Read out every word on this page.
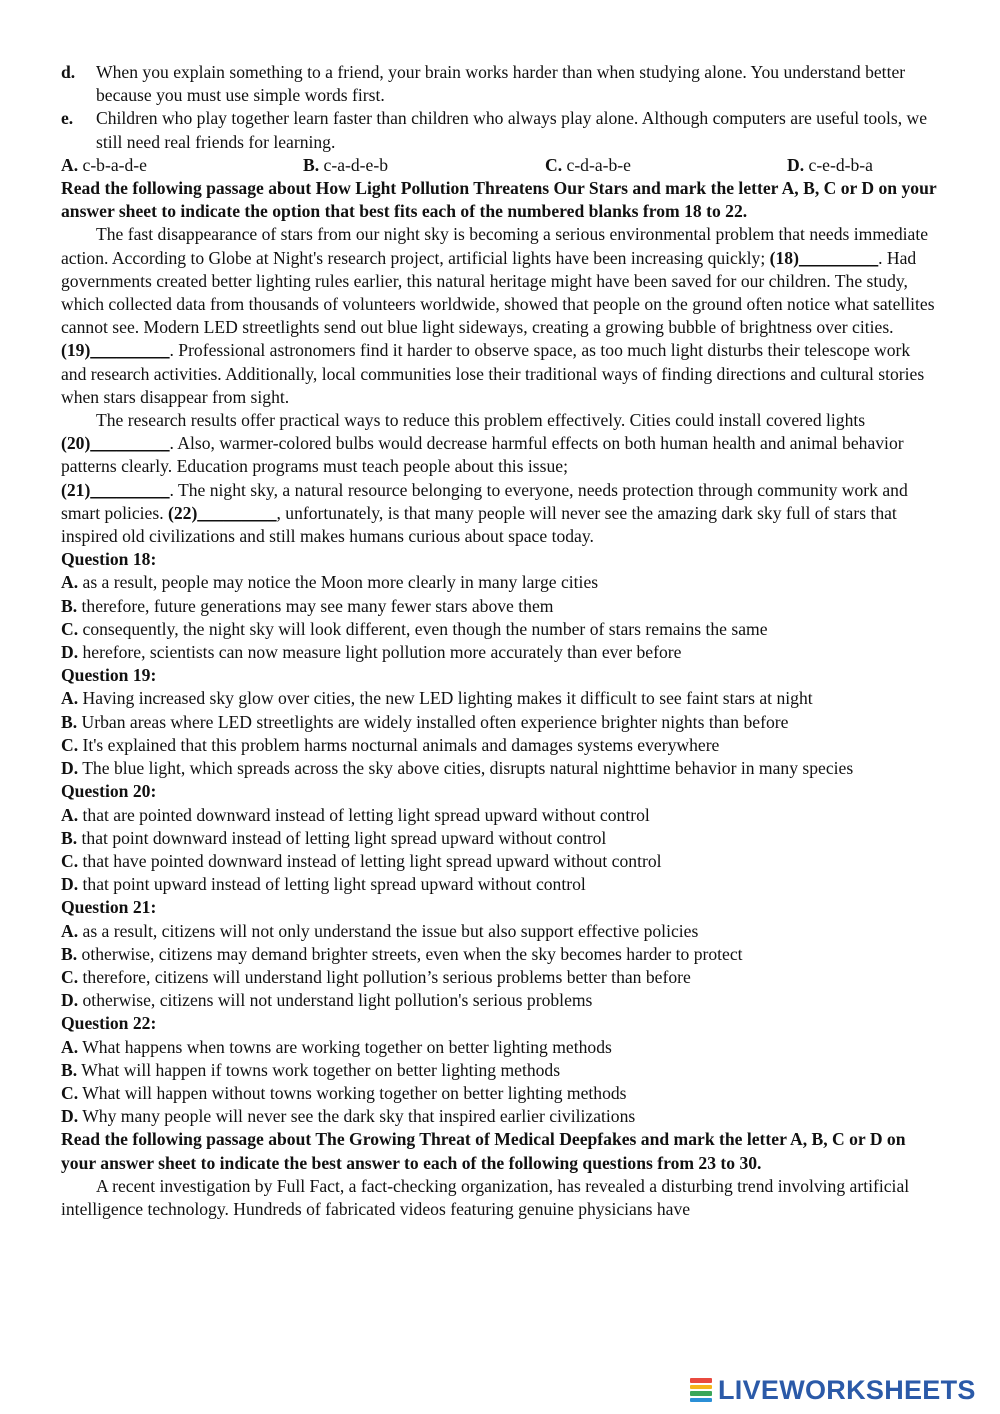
d.	When you explain something to a friend, your brain works harder than when studying alone. You understand better because you must use simple words first.
e.	Children who play together learn faster than children who always play alone. Although computers are useful tools, we still need real friends for learning.
A. c-b-a-d-e	B. c-a-d-e-b	C. c-d-a-b-e	D. c-e-d-b-a
Read the following passage about How Light Pollution Threatens Our Stars and mark the letter A, B, C or D on your answer sheet to indicate the option that best fits each of the numbered blanks from 18 to 22.
The fast disappearance of stars from our night sky is becoming a serious environmental problem that needs immediate action. According to Globe at Night's research project, artificial lights have been increasing quickly; (18)_________. Had governments created better lighting rules earlier, this natural heritage might have been saved for our children. The study, which collected data from thousands of volunteers worldwide, showed that people on the ground often notice what satellites cannot see. Modern LED streetlights send out blue light sideways, creating a growing bubble of brightness over cities. (19)_________. Professional astronomers find it harder to observe space, as too much light disturbs their telescope work and research activities. Additionally, local communities lose their traditional ways of finding directions and cultural stories when stars disappear from sight.
The research results offer practical ways to reduce this problem effectively. Cities could install covered lights (20)_________. Also, warmer-colored bulbs would decrease harmful effects on both human health and animal behavior patterns clearly. Education programs must teach people about this issue;
(21)_________. The night sky, a natural resource belonging to everyone, needs protection through community work and smart policies. (22)_________, unfortunately, is that many people will never see the amazing dark sky full of stars that inspired old civilizations and still makes humans curious about space today.
Question 18:
A. as a result, people may notice the Moon more clearly in many large cities
B. therefore, future generations may see many fewer stars above them
C. consequently, the night sky will look different, even though the number of stars remains the same
D. herefore, scientists can now measure light pollution more accurately than ever before
Question 19:
A. Having increased sky glow over cities, the new LED lighting makes it difficult to see faint stars at night
B. Urban areas where LED streetlights are widely installed often experience brighter nights than before
C. It's explained that this problem harms nocturnal animals and damages systems everywhere
D. The blue light, which spreads across the sky above cities, disrupts natural nighttime behavior in many species
Question 20:
A. that are pointed downward instead of letting light spread upward without control
B. that point downward instead of letting light spread upward without control
C. that have pointed downward instead of letting light spread upward without control
D. that point upward instead of letting light spread upward without control
Question 21:
A. as a result, citizens will not only understand the issue but also support effective policies
B. otherwise, citizens may demand brighter streets, even when the sky becomes harder to protect
C. therefore, citizens will understand light pollution’s serious problems better than before
D. otherwise, citizens will not understand light pollution's serious problems
Question 22:
A. What happens when towns are working together on better lighting methods
B. What will happen if towns work together on better lighting methods
C. What will happen without towns working together on better lighting methods
D. Why many people will never see the dark sky that inspired earlier civilizations
Read the following passage about The Growing Threat of Medical Deepfakes and mark the letter A, B, C or D on your answer sheet to indicate the best answer to each of the following questions from 23 to 30.
A recent investigation by Full Fact, a fact-checking organization, has revealed a disturbing trend involving artificial intelligence technology. Hundreds of fabricated videos featuring genuine physicians have
LIVEWORKSHEETS
